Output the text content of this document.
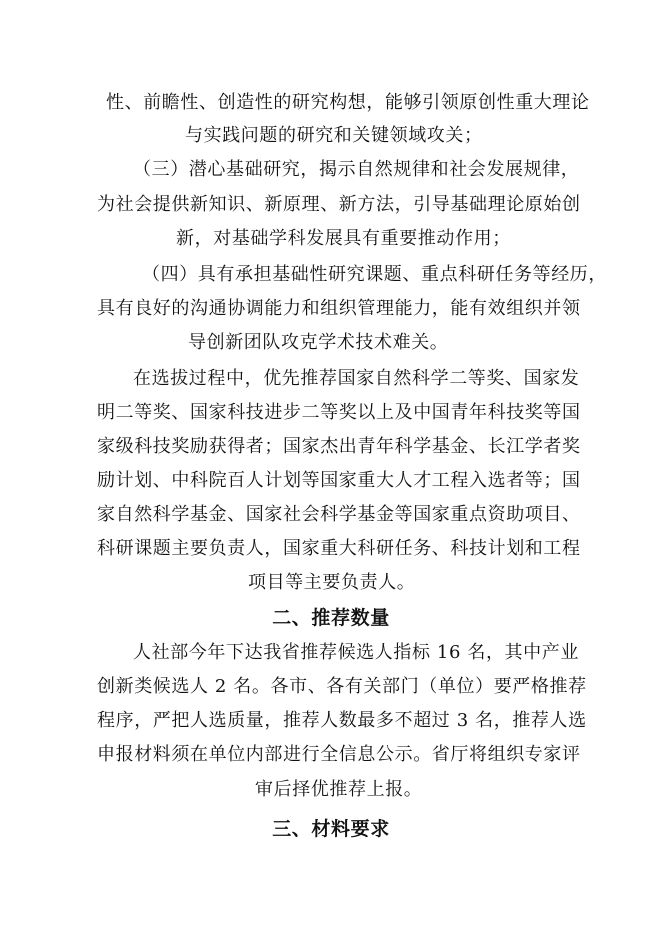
性、前瞻性、创造性的研究构想，能够引领原创性重大理论
与实践问题的研究和关键领域攻关；
（三）潜心基础研究，揭示自然规律和社会发展规律，
为社会提供新知识、新原理、新方法，引导基础理论原始创
新，对基础学科发展具有重要推动作用；
（四）具有承担基础性研究课题、重点科研任务等经历，
具有良好的沟通协调能力和组织管理能力，能有效组织并领
导创新团队攻克学术技术难关。
在选拔过程中，优先推荐国家自然科学二等奖、国家发
明二等奖、国家科技进步二等奖以上及中国青年科技奖等国
家级科技奖励获得者；国家杰出青年科学基金、长江学者奖
励计划、中科院百人计划等国家重大人才工程入选者等；国
家自然科学基金、国家社会科学基金等国家重点资助项目、
科研课题主要负责人，国家重大科研任务、科技计划和工程
项目等主要负责人。
二、推荐数量
人社部今年下达我省推荐候选人指标 16 名，其中产业
创新类候选人 2 名。各市、各有关部门（单位）要严格推荐
程序，严把人选质量，推荐人数最多不超过 3 名，推荐人选
申报材料须在单位内部进行全信息公示。省厅将组织专家评
审后择优推荐上报。
三、材料要求
